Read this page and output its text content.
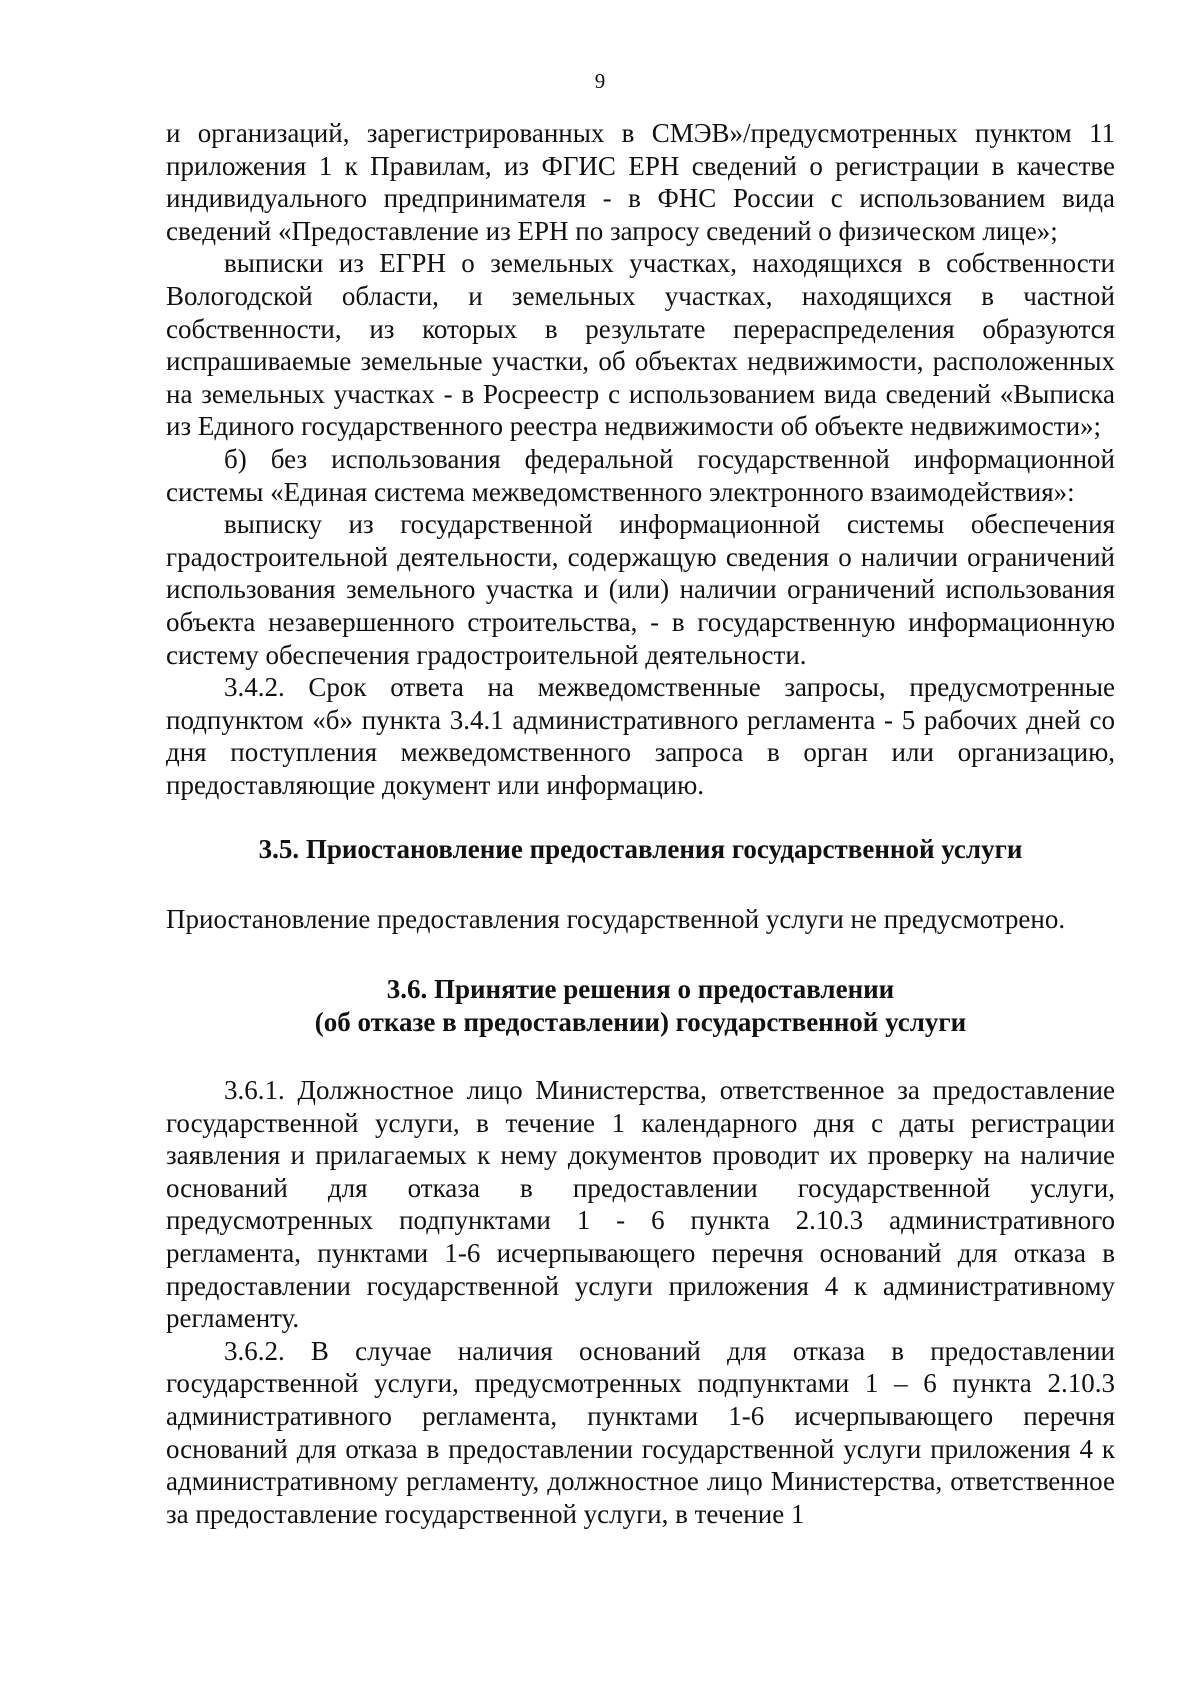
9

и организаций, зарегистрированных в СМЭВ»/предусмотренных пунктом 11 приложения 1 к Правилам, из ФГИС ЕРН сведений о регистрации в качестве индивидуального предпринимателя - в ФНС России с использованием вида сведений «Предоставление из ЕРН по запросу сведений о физическом лице»;

выписки из ЕГРН о земельных участках, находящихся в собственности Вологодской области, и земельных участках, находящихся в частной собственности, из которых в результате перераспределения образуются испрашиваемые земельные участки, об объектах недвижимости, расположенных на земельных участках - в Росреестр с использованием вида сведений «Выписка из Единого государственного реестра недвижимости об объекте недвижимости»;

б) без использования федеральной государственной информационной системы «Единая система межведомственного электронного взаимодействия»:

выписку из государственной информационной системы обеспечения градостроительной деятельности, содержащую сведения о наличии ограничений использования земельного участка и (или) наличии ограничений использования объекта незавершенного строительства, - в государственную информационную систему обеспечения градостроительной деятельности.

3.4.2. Срок ответа на межведомственные запросы, предусмотренные подпунктом «б» пункта 3.4.1 административного регламента - 5 рабочих дней со дня поступления межведомственного запроса в орган или организацию, предоставляющие документ или информацию.

3.5. Приостановление предоставления государственной услуги

Приостановление предоставления государственной услуги не предусмотрено.

3.6. Принятие решения о предоставлении

(об отказе в предоставлении) государственной услуги

3.6.1. Должностное лицо Министерства, ответственное за предоставление государственной услуги, в течение 1 календарного дня с даты регистрации заявления и прилагаемых к нему документов проводит их проверку на наличие оснований для отказа в предоставлении государственной услуги, предусмотренных подпунктами 1 - 6 пункта 2.10.3 административного регламента, пунктами 1-6 исчерпывающего перечня оснований для отказа в предоставлении государственной услуги приложения 4 к административному регламенту.

3.6.2. В случае наличия оснований для отказа в предоставлении государственной услуги, предусмотренных подпунктами 1 – 6 пункта 2.10.3 административного регламента, пунктами 1-6 исчерпывающего перечня оснований для отказа в предоставлении государственной услуги приложения 4 к административному регламенту, должностное лицо Министерства, ответственное за предоставление государственной услуги, в течение 1
